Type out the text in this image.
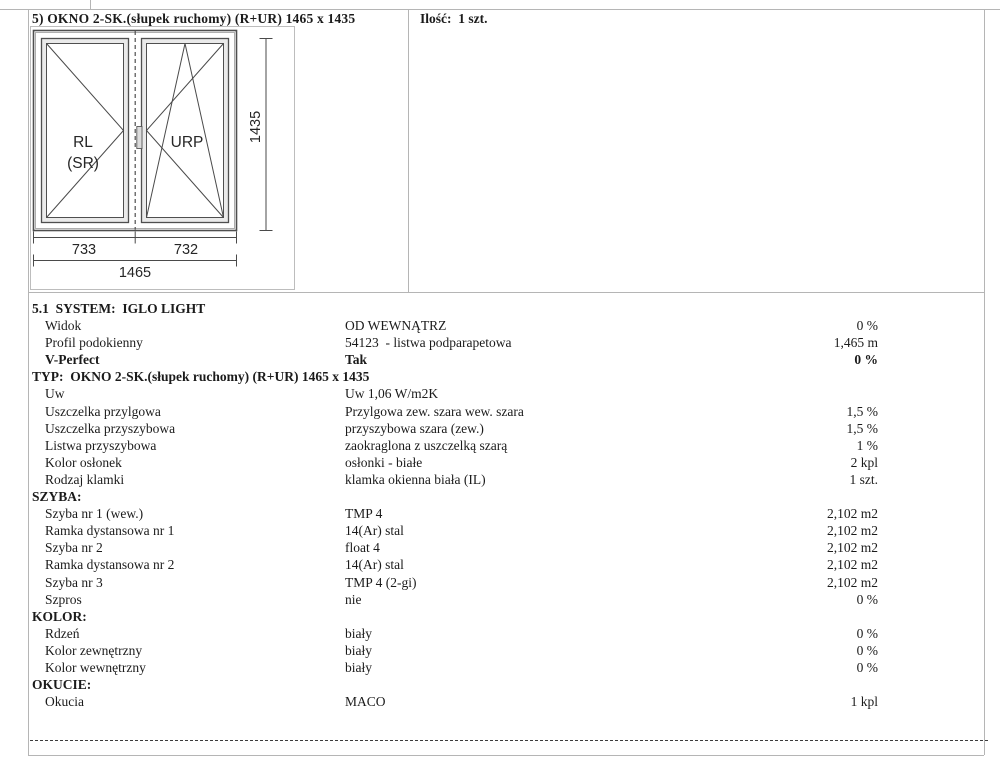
5) OKNO 2-SK.(słupek ruchomy) (R+UR) 1465 x 1435	Ilość:  1 szt.
RL
(SR)
URP	1435
733	732
1465
5.1  SYSTEM:  IGLO LIGHT
Widok	OD WEWNĄTRZ	0 %
Profil podokienny	54123  - listwa podparapetowa	1,465 m
V-Perfect	Tak	0 %
TYP:  OKNO 2-SK.(słupek ruchomy) (R+UR) 1465 x 1435
Uw	Uw 1,06 W/m2K
Uszczelka przylgowa	Przylgowa zew. szara wew. szara	1,5 %
Uszczelka przyszybowa	przyszybowa szara (zew.)	1,5 %
Listwa przyszybowa	zaokraglona z uszczelką szarą	1 %
Kolor osłonek	osłonki - białe	2 kpl
Rodzaj klamki	klamka okienna biała (IL)	1 szt.
SZYBA:
Szyba nr 1 (wew.)	TMP 4	2,102 m2
Ramka dystansowa nr 1	14(Ar) stal	2,102 m2
Szyba nr 2	float 4	2,102 m2
Ramka dystansowa nr 2	14(Ar) stal	2,102 m2
Szyba nr 3	TMP 4 (2-gi)	2,102 m2
Szpros	nie	0 %
KOLOR:
Rdzeń	biały	0 %
Kolor zewnętrzny	biały	0 %
Kolor wewnętrzny	biały	0 %
OKUCIE:
Okucia	MACO	1 kpl
